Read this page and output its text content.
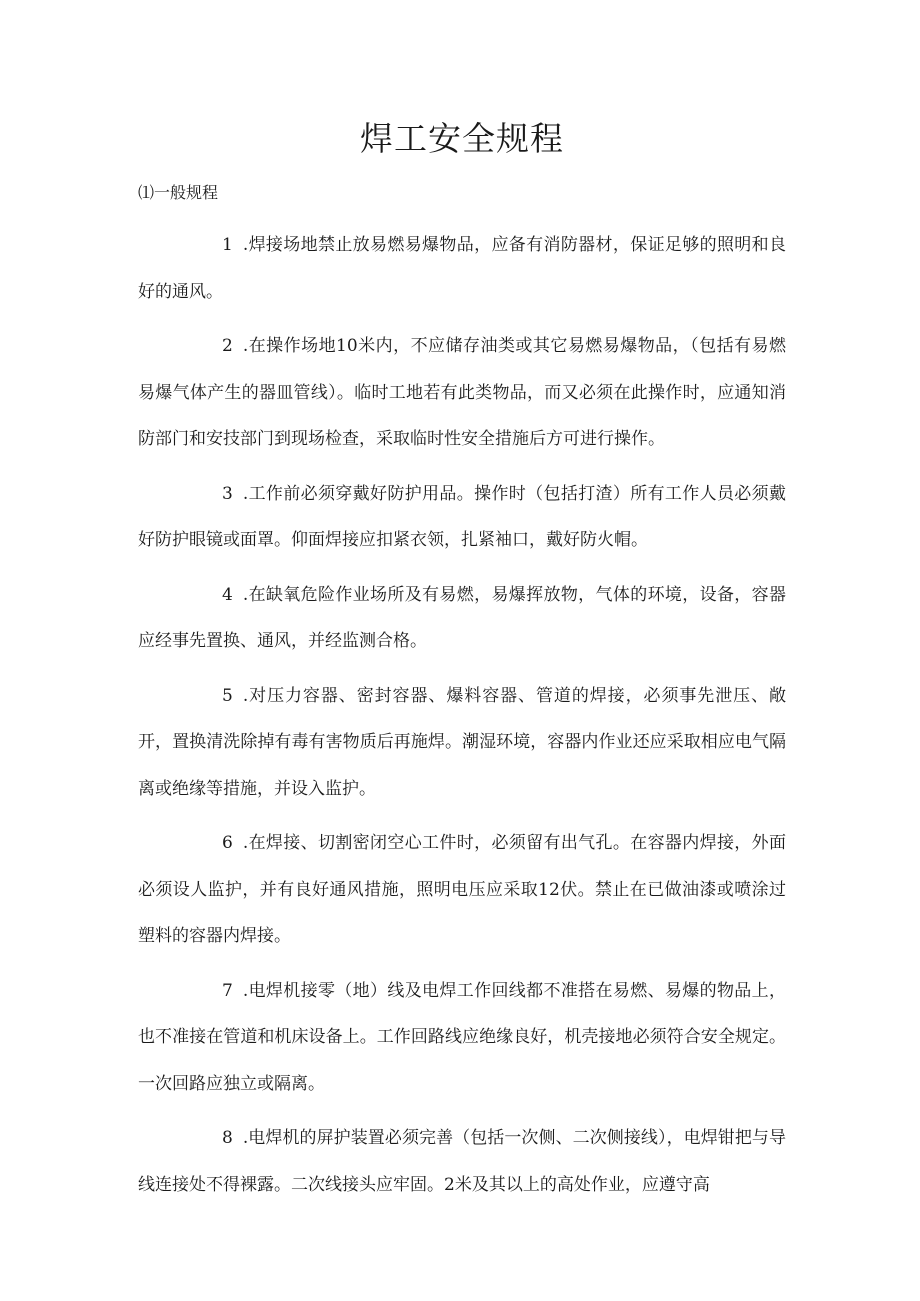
焊工安全规程
⑴一般规程

1 .焊接场地禁止放易燃易爆物品，应备有消防器材，保证足够的照明和良好的通风。

2 .在操作场地10米内，不应储存油类或其它易燃易爆物品，（包括有易燃易爆气体产生的器皿管线）。临时工地若有此类物品，而又必须在此操作时，应通知消防部门和安技部门到现场检查，采取临时性安全措施后方可进行操作。

3 .工作前必须穿戴好防护用品。操作时（包括打渣）所有工作人员必须戴好防护眼镜或面罩。仰面焊接应扣紧衣领，扎紧袖口，戴好防火帽。

4 .在缺氧危险作业场所及有易燃，易爆挥放物，气体的环境，设备，容器应经事先置换、通风，并经监测合格。

5 .对压力容器、密封容器、爆料容器、管道的焊接，必须事先泄压、敞开，置换清洗除掉有毒有害物质后再施焊。潮湿环境，容器内作业还应采取相应电气隔离或绝缘等措施，并设入监护。

6 .在焊接、切割密闭空心工件时，必须留有出气孔。在容器内焊接，外面必须设人监护，并有良好通风措施，照明电压应采取12伏。禁止在已做油漆或喷涂过塑料的容器内焊接。

7 .电焊机接零（地）线及电焊工作回线都不准搭在易燃、易爆的物品上，也不准接在管道和机床设备上。工作回路线应绝缘良好，机壳接地必须符合安全规定。一次回路应独立或隔离。

8 .电焊机的屏护装置必须完善（包括一次侧、二次侧接线），电焊钳把与导线连接处不得裸露。二次线接头应牢固。2米及其以上的高处作业，应遵守高
